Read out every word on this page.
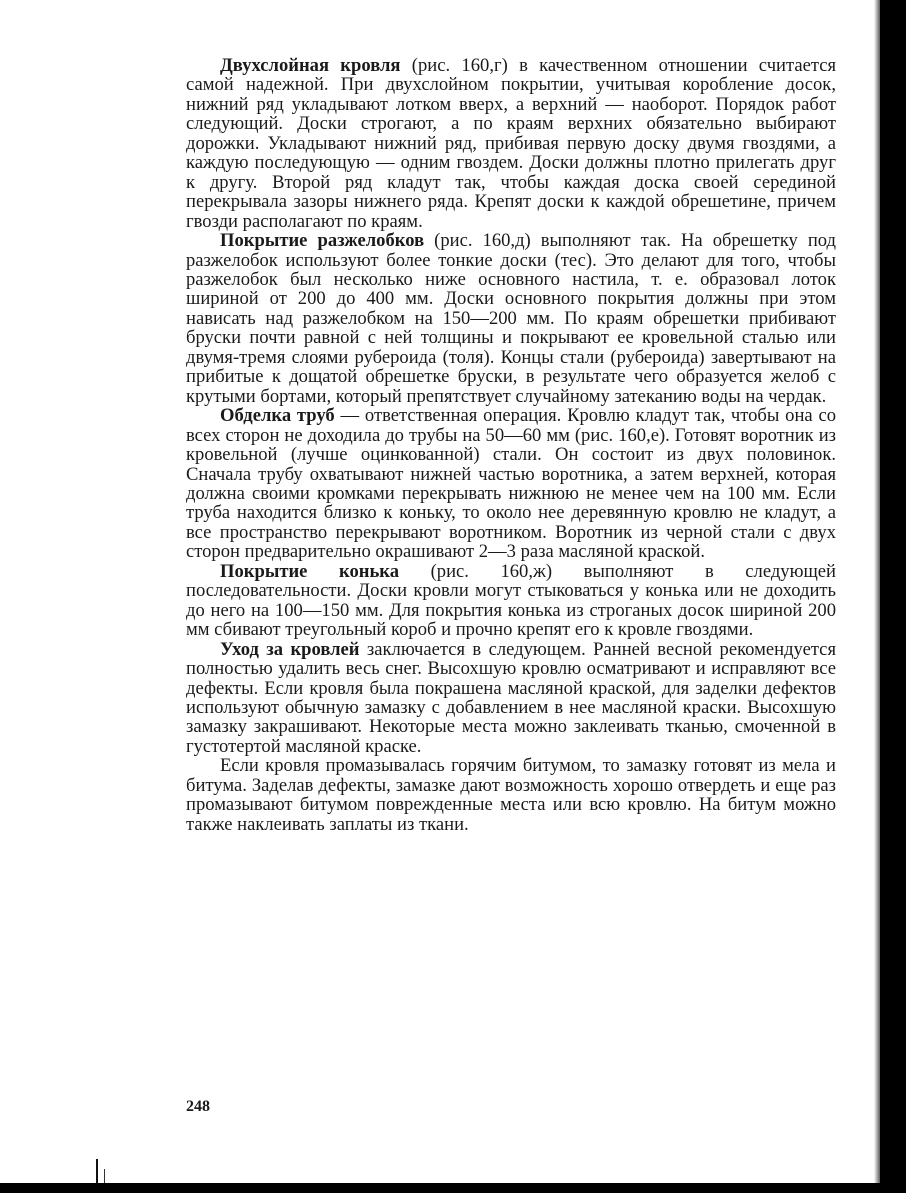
Двухслойная кровля (рис. 160,г) в качественном отношении считается самой надежной. При двухслойном покрытии, учитывая коробление досок, нижний ряд укладывают лотком вверх, а верхний — наоборот. Порядок работ следующий. Доски строгают, а по краям верхних обязательно выбирают дорожки. Укладывают нижний ряд, прибивая первую доску двумя гвоздями, а каждую последующую — одним гвоздем. Доски должны плотно прилегать друг к другу. Второй ряд кладут так, чтобы каждая доска своей серединой перекрывала зазоры нижнего ряда. Крепят доски к каждой обрешетине, причем гвозди располагают по краям.

Покрытие разжелобков (рис. 160,д) выполняют так. На обрешетку под разжелобок используют более тонкие доски (тес). Это делают для того, чтобы разжелобок был несколько ниже основного настила, т. е. образовал лоток шириной от 200 до 400 мм. Доски основного покрытия должны при этом нависать над разжелобком на 150—200 мм. По краям обрешетки прибивают бруски почти равной с ней толщины и покрывают ее кровельной сталью или двумя-тремя слоями рубероида (толя). Концы стали (рубероида) завертывают на прибитые к дощатой обрешетке бруски, в результате чего образуется желоб с крутыми бортами, который препятствует случайному затеканию воды на чердак.

Обделка труб — ответственная операция. Кровлю кладут так, чтобы она со всех сторон не доходила до трубы на 50—60 мм (рис. 160,е). Готовят воротник из кровельной (лучше оцинкованной) стали. Он состоит из двух половинок. Сначала трубу охватывают нижней частью воротника, а затем верхней, которая должна своими кромками перекрывать нижнюю не менее чем на 100 мм. Если труба находится близко к коньку, то около нее деревянную кровлю не кладут, а все пространство перекрывают воротником. Воротник из черной стали с двух сторон предварительно окрашивают 2—3 раза масляной краской.

Покрытие конька (рис. 160,ж) выполняют в следующей последовательности. Доски кровли могут стыковаться у конька или не доходить до него на 100—150 мм. Для покрытия конька из строганых досок шириной 200 мм сбивают треугольный короб и прочно крепят его к кровле гвоздями.

Уход за кровлей заключается в следующем. Ранней весной рекомендуется полностью удалить весь снег. Высохшую кровлю осматривают и исправляют все дефекты. Если кровля была покрашена масляной краской, для заделки дефектов используют обычную замазку с добавлением в нее масляной краски. Высохшую замазку закрашивают. Некоторые места можно заклеивать тканью, смоченной в густотертой масляной краске.

Если кровля промазывалась горячим битумом, то замазку готовят из мела и битума. Заделав дефекты, замазке дают возможность хорошо отвердеть и еще раз промазывают битумом поврежденные места или всю кровлю. На битум можно также наклеивать заплаты из ткани.

248
